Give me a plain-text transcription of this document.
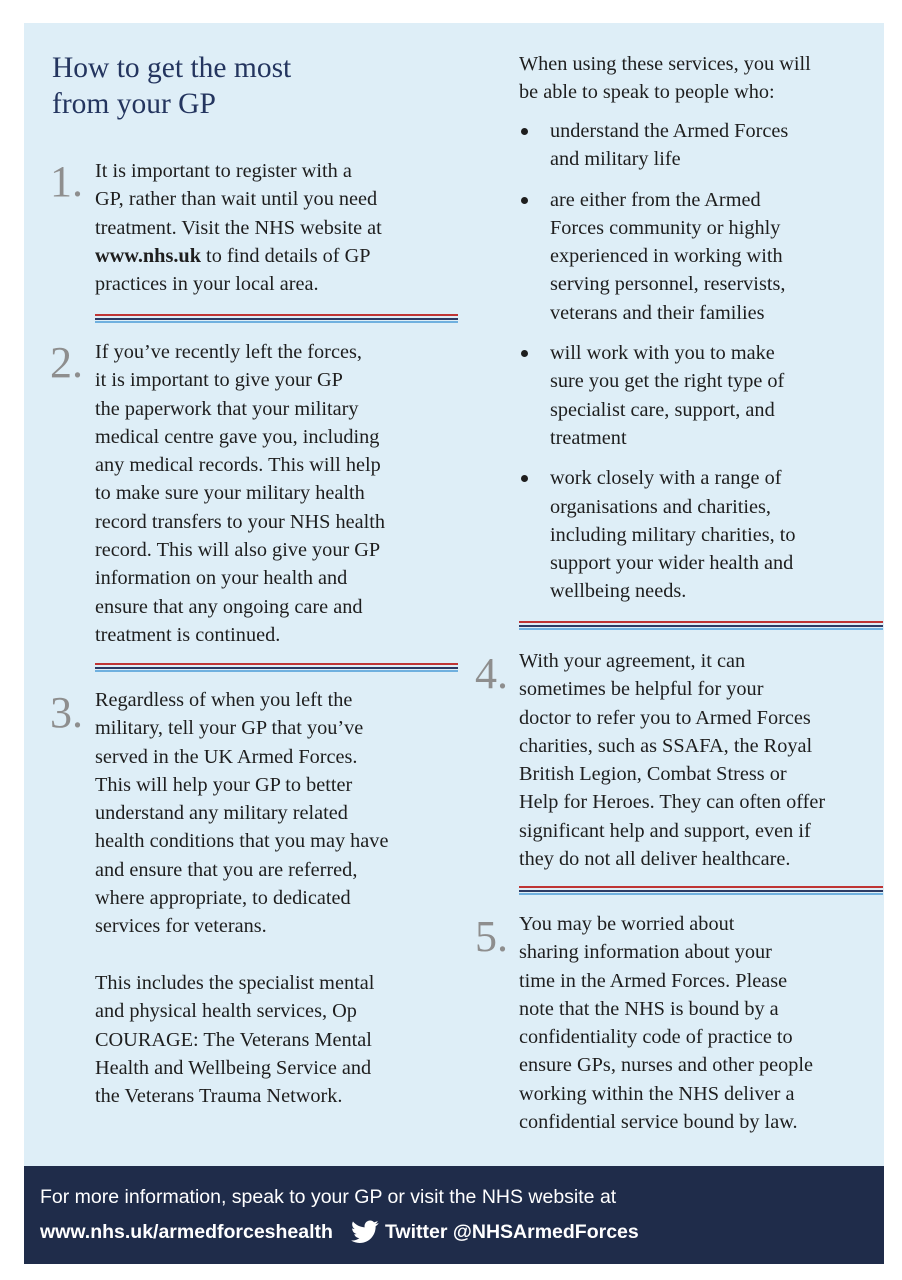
How to get the most
from your GP
1. It is important to register with a
GP, rather than wait until you need
treatment. Visit the NHS website at
www.nhs.uk to find details of GP
practices in your local area.
2. If you’ve recently left the forces,
it is important to give your GP
the paperwork that your military
medical centre gave you, including
any medical records. This will help
to make sure your military health
record transfers to your NHS health
record. This will also give your GP
information on your health and
ensure that any ongoing care and
treatment is continued.
3. Regardless of when you left the
military, tell your GP that you’ve
served in the UK Armed Forces.
This will help your GP to better
understand any military related
health conditions that you may have
and ensure that you are referred,
where appropriate, to dedicated
services for veterans.
This includes the specialist mental
and physical health services, Op
COURAGE: The Veterans Mental
Health and Wellbeing Service and
the Veterans Trauma Network.
When using these services, you will
be able to speak to people who:
understand the Armed Forces
and military life
are either from the Armed
Forces community or highly
experienced in working with
serving personnel, reservists,
veterans and their families
will work with you to make
sure you get the right type of
specialist care, support, and
treatment
work closely with a range of
organisations and charities,
including military charities, to
support your wider health and
wellbeing needs.
4. With your agreement, it can
sometimes be helpful for your
doctor to refer you to Armed Forces
charities, such as SSAFA, the Royal
British Legion, Combat Stress or
Help for Heroes. They can often offer
significant help and support, even if
they do not all deliver healthcare.
5. You may be worried about
sharing information about your
time in the Armed Forces. Please
note that the NHS is bound by a
confidentiality code of practice to
ensure GPs, nurses and other people
working within the NHS deliver a
confidential service bound by law.
For more information, speak to your GP or visit the NHS website at
www.nhs.uk/armedforceshealth	Twitter @NHSArmedForces
